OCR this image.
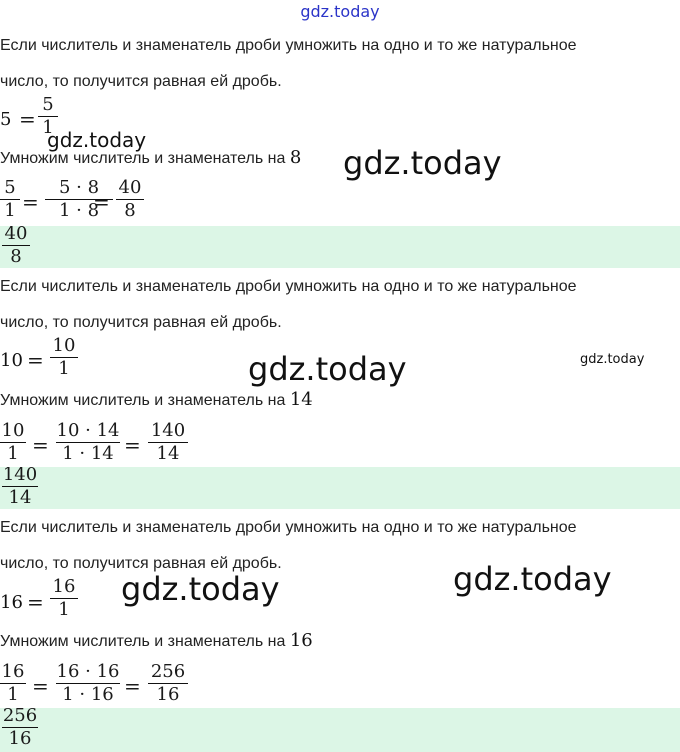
gdz.today
Если числитель и знаменатель дроби умножить на одно и то же натуральное
число, то получится равная ей дробь.
5 =
5
1
gdz.today
Умножим числитель и знаменатель на 8 gdz.today
5
1 =
5 · 8
1 · 8
=
40
8
40
8
Если числитель и знаменатель дроби умножить на одно и то же натуральное
число, то получится равная ей дробь.
10 =
10
1	gdz.today	gdz.today
Умножим числитель и знаменатель на 14
10
1 =
10 · 14
1 · 14 =
140
14
140
14
Если числитель и знаменатель дроби умножить на одно и то же натуральное
число, то получится равная ей дробь.
16 =
16
1
gdz.today	gdz.today
Умножим числитель и знаменатель на 16
16
1 =
16 · 16
1 · 16 =
256
16
256
16
